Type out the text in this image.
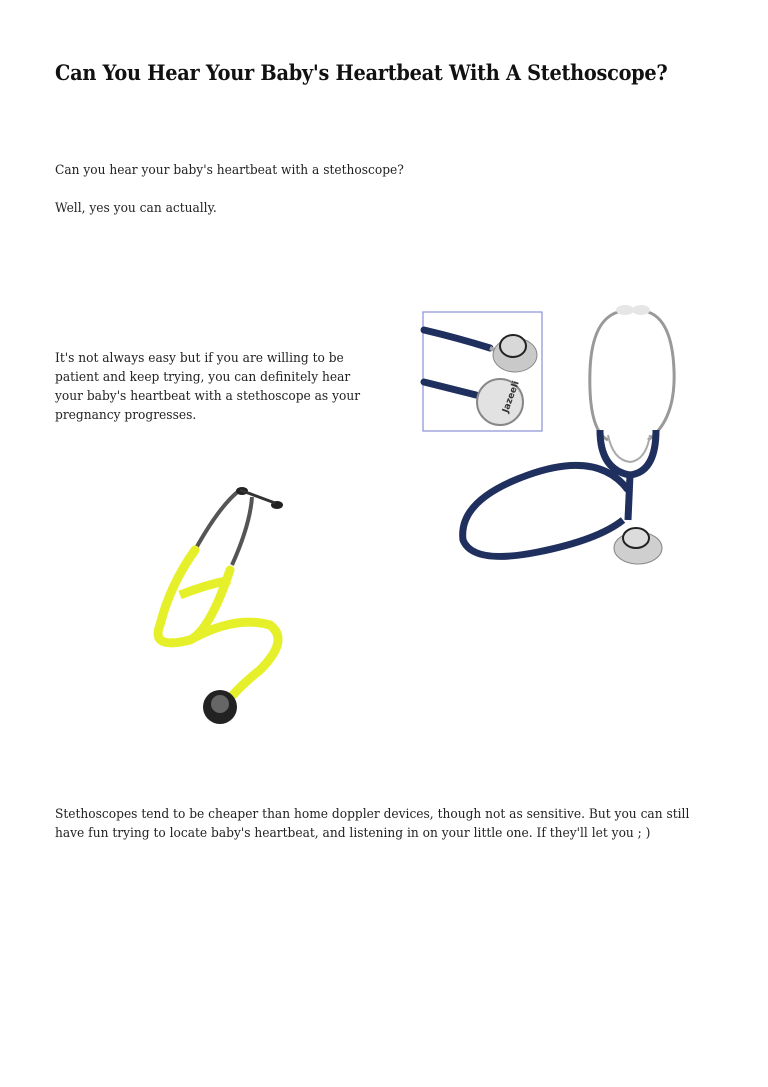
Can You Hear Your Baby's Heartbeat With A Stethoscope?

Can you hear your baby's heartbeat with a stethoscope?

Well, yes you can actually.

It's not always easy but if you are willing to be patient and keep trying, you can definitely hear your baby's heartbeat with a stethoscope as your pregnancy progresses.

Stethoscopes tend to be cheaper than home doppler devices, though not as sensitive. But you can still have fun trying to locate baby's heartbeat, and listening in on your little one. If they'll let you ; )

Jazeeli
